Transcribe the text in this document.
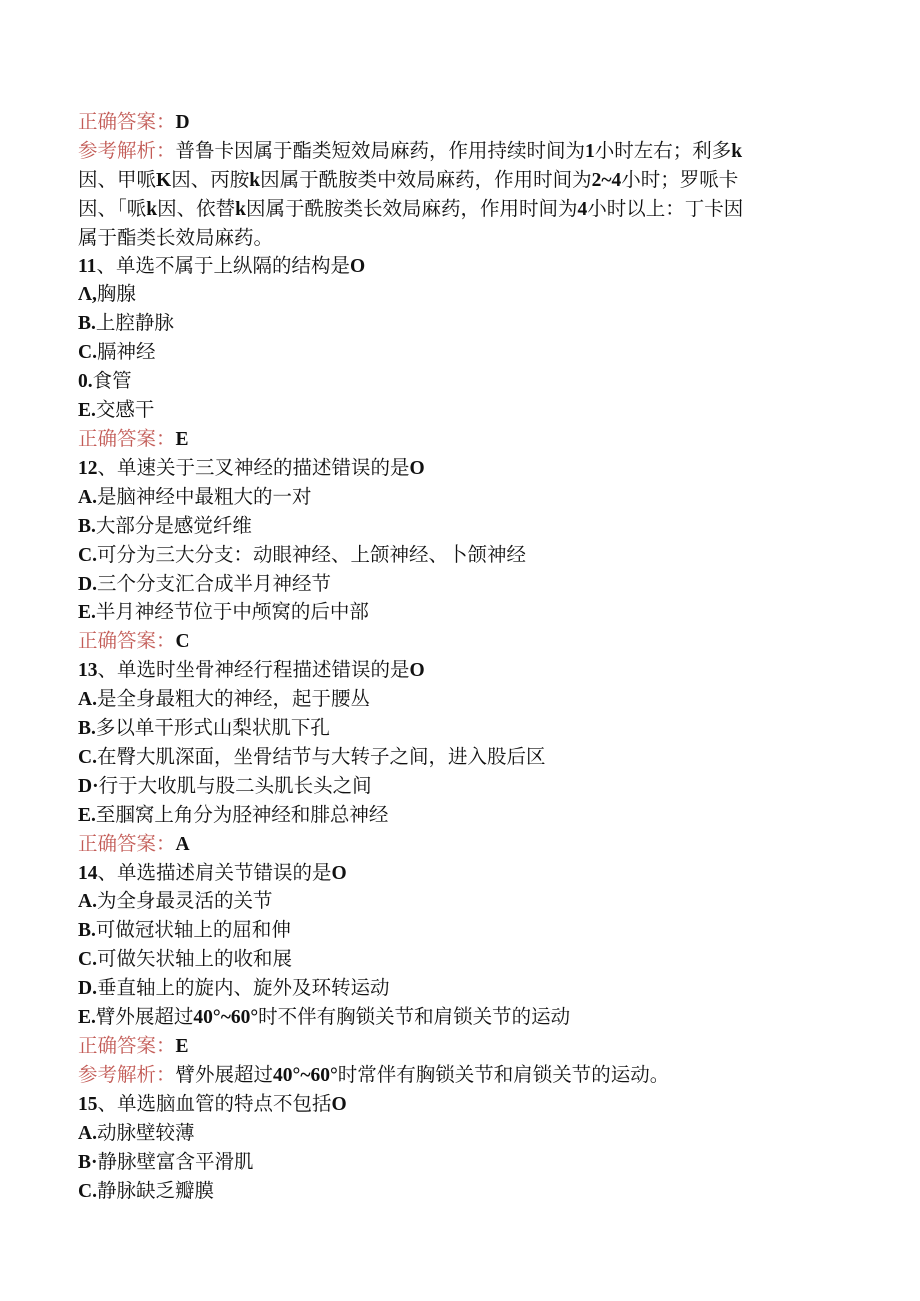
正确答案：D
参考解析：普鲁卡因属于酯类短效局麻药，作用持续时间为1小时左右；利多k
因、甲哌K因、丙胺k因属于酰胺类中效局麻药，作用时间为2~4小时；罗哌卡
因、「哌k因、依替k因属于酰胺类长效局麻药，作用时间为4小时以上：丁卡因
属于酯类长效局麻药。
11、单选不属于上纵隔的结构是O
Λ,胸腺
B.上腔静脉
C.膈神经
0.食管
E.交感干
正确答案：E
12、单速关于三叉神经的描述错误的是O
A.是脑神经中最粗大的一对
B.大部分是感觉纤维
C.可分为三大分支：动眼神经、上颌神经、卜颌神经
D.三个分支汇合成半月神经节
E.半月神经节位于中颅窝的后中部
正确答案：C
13、单选时坐骨神经行程描述错误的是O
A.是全身最粗大的神经，起于腰丛
B.多以单干形式山梨状肌下孔
C.在臀大肌深面，坐骨结节与大转子之间，进入股后区
D·行于大收肌与股二头肌长头之间
E.至腘窝上角分为胫神经和腓总神经
正确答案：A
14、单选描述肩关节错误的是O
A.为全身最灵活的关节
B.可做冠状轴上的屈和伸
C.可做矢状轴上的收和展
D.垂直轴上的旋内、旋外及环转运动
E.臂外展超过40°~60°时不伴有胸锁关节和肩锁关节的运动
正确答案：E
参考解析：臂外展超过40°~60°时常伴有胸锁关节和肩锁关节的运动。
15、单选脑血管的特点不包括O
A.动脉壁较薄
B·静脉壁富含平滑肌
C.静脉缺乏瓣膜
